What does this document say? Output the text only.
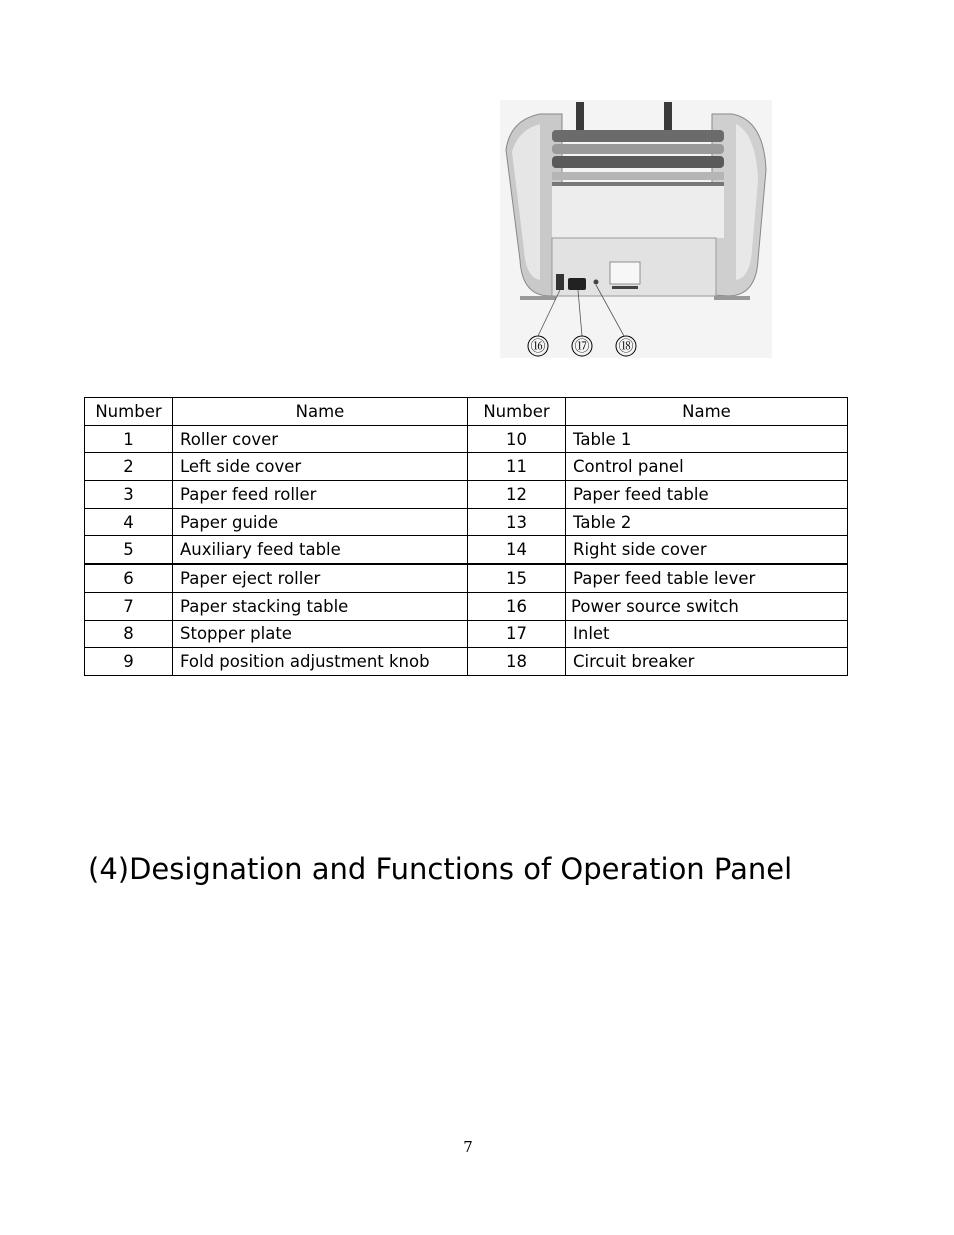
⑯ ⑰ ⑱
Number	Name	Number	Name
1	Roller cover	10	Table 1
2	Left side cover	11	Control panel
3	Paper feed roller	12	Paper feed table
4	Paper guide	13	Table 2
5	Auxiliary feed table	14	Right side cover
6	Paper eject roller	15	Paper feed table lever
7	Paper stacking table	16	Power source switch
8	Stopper plate	17	Inlet
9	Fold position adjustment knob	18	Circuit breaker
(4)Designation and Functions of Operation Panel
7
